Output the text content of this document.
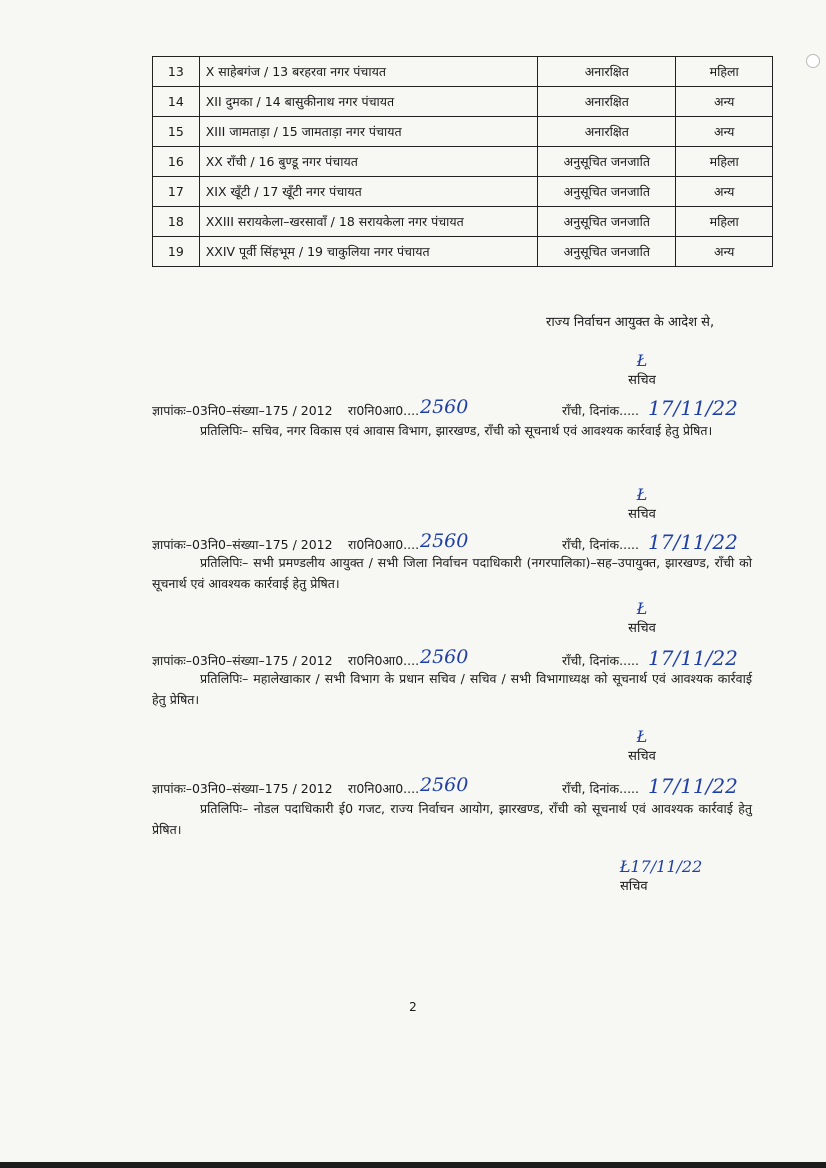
13	X साहेबगंज / 13 बरहरवा नगर पंचायत	अनारक्षित	महिला
14	XII दुमका / 14 बासुकीनाथ नगर पंचायत	अनारक्षित	अन्य
15	XIII जामताड़ा / 15 जामताड़ा नगर पंचायत	अनारक्षित	अन्य
16	XX राँची / 16 बुण्डू नगर पंचायत	अनुसूचित जनजाति	महिला
17	XIX खूँटी / 17 खूँटी नगर पंचायत	अनुसूचित जनजाति	अन्य
18	XXIII सरायकेला–खरसावाँ / 18 सरायकेला नगर पंचायत	अनुसूचित जनजाति	महिला
19	XXIV पूर्वी सिंहभूम / 19 चाकुलिया नगर पंचायत	अनुसूचित जनजाति	अन्य
राज्य निर्वाचन आयुक्त के आदेश से,
Ł
सचिव
ज्ञापांकः–03नि0–संख्या–175 / 2012 रा0नि0आ0.... 2560	राँची, दिनांक..... 17/11/22
प्रतिलिपिः– सचिव, नगर विकास एवं आवास विभाग, झारखण्ड, राँची को सूचनार्थ एवं आवश्यक कार्रवाई हेतु प्रेषित।
Ł
सचिव
ज्ञापांकः–03नि0–संख्या–175 / 2012 रा0नि0आ0.... 2560	राँची, दिनांक..... 17/11/22
प्रतिलिपिः– सभी प्रमण्डलीय आयुक्त / सभी जिला निर्वाचन पदाधिकारी (नगरपालिका)–सह–उपायुक्त, झारखण्ड, राँची को सूचनार्थ एवं आवश्यक कार्रवाई हेतु प्रेषित।
Ł
सचिव
ज्ञापांकः–03नि0–संख्या–175 / 2012 रा0नि0आ0.... 2560	राँची, दिनांक..... 17/11/22
प्रतिलिपिः– महालेखाकार / सभी विभाग के प्रधान सचिव / सचिव / सभी विभागाध्यक्ष को सूचनार्थ एवं आवश्यक कार्रवाई हेतु प्रेषित।
Ł
सचिव
ज्ञापांकः–03नि0–संख्या–175 / 2012 रा0नि0आ0.... 2560	राँची, दिनांक..... 17/11/22
प्रतिलिपिः– नोडल पदाधिकारी ई0 गजट, राज्य निर्वाचन आयोग, झारखण्ड, राँची को सूचनार्थ एवं आवश्यक कार्रवाई हेतु प्रेषित।
Ł17/11/22
सचिव
2
